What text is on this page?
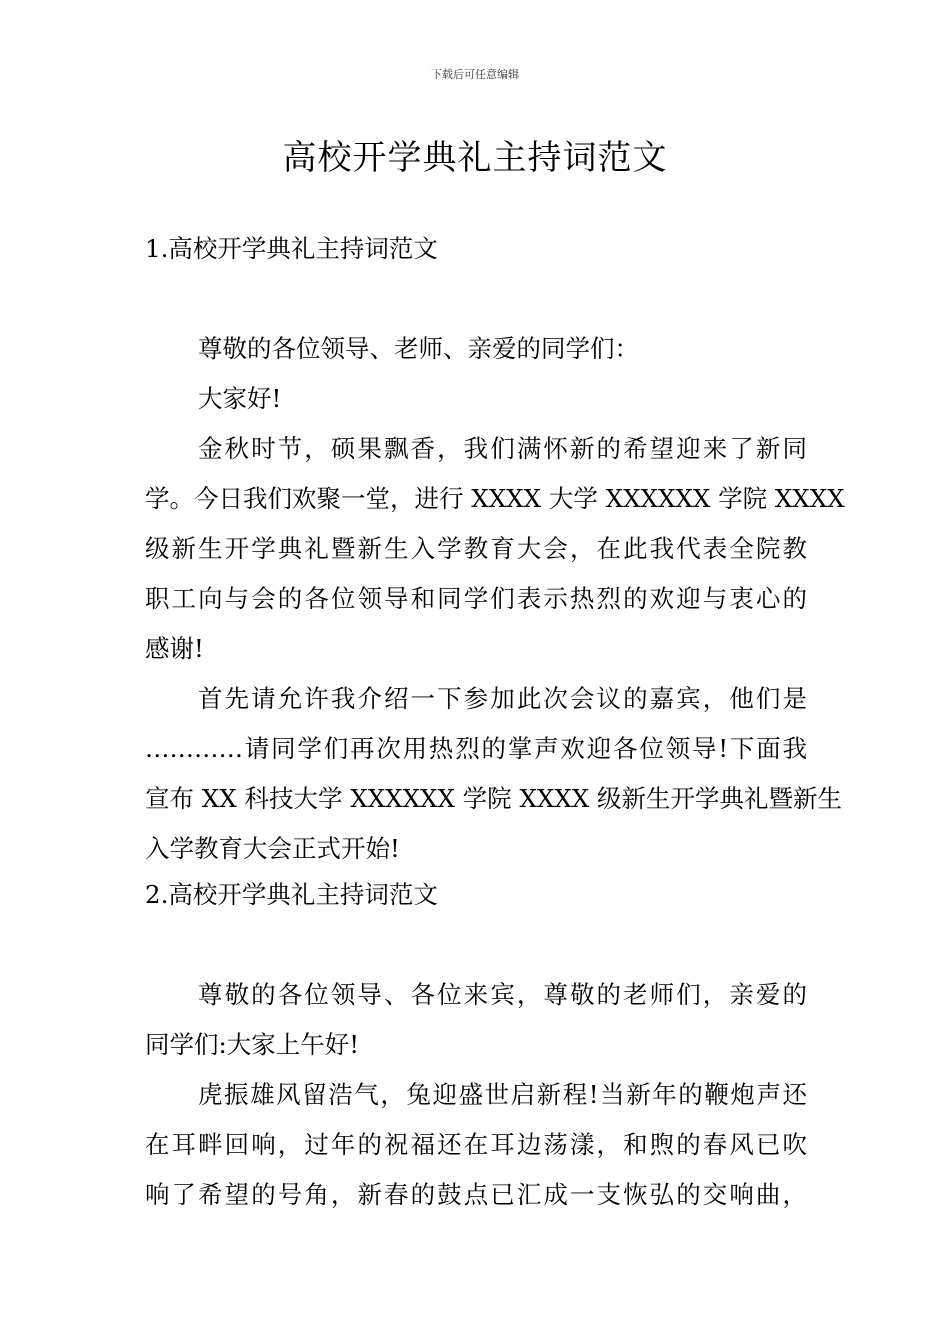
下载后可任意编辑
高校开学典礼主持词范文
1.高校开学典礼主持词范文
尊敬的各位领导、老师、亲爱的同学们：
大家好!
金秋时节，硕果飘香，我们满怀新的希望迎来了新同
学。今日我们欢聚一堂，进行 XXXX 大学 XXXXXX 学院 XXXX
级新生开学典礼暨新生入学教育大会，在此我代表全院教
职工向与会的各位领导和同学们表示热烈的欢迎与衷心的
感谢!
首先请允许我介绍一下参加此次会议的嘉宾，他们是
…………请同学们再次用热烈的掌声欢迎各位领导!下面我
宣布 XX 科技大学 XXXXXX 学院 XXXX 级新生开学典礼暨新生
入学教育大会正式开始!
2.高校开学典礼主持词范文
尊敬的各位领导、各位来宾，尊敬的老师们，亲爱的
同学们:大家上午好!
虎振雄风留浩气，兔迎盛世启新程!当新年的鞭炮声还
在耳畔回响，过年的祝福还在耳边荡漾，和煦的春风已吹
响了希望的号角，新春的鼓点已汇成一支恢弘的交响曲，
